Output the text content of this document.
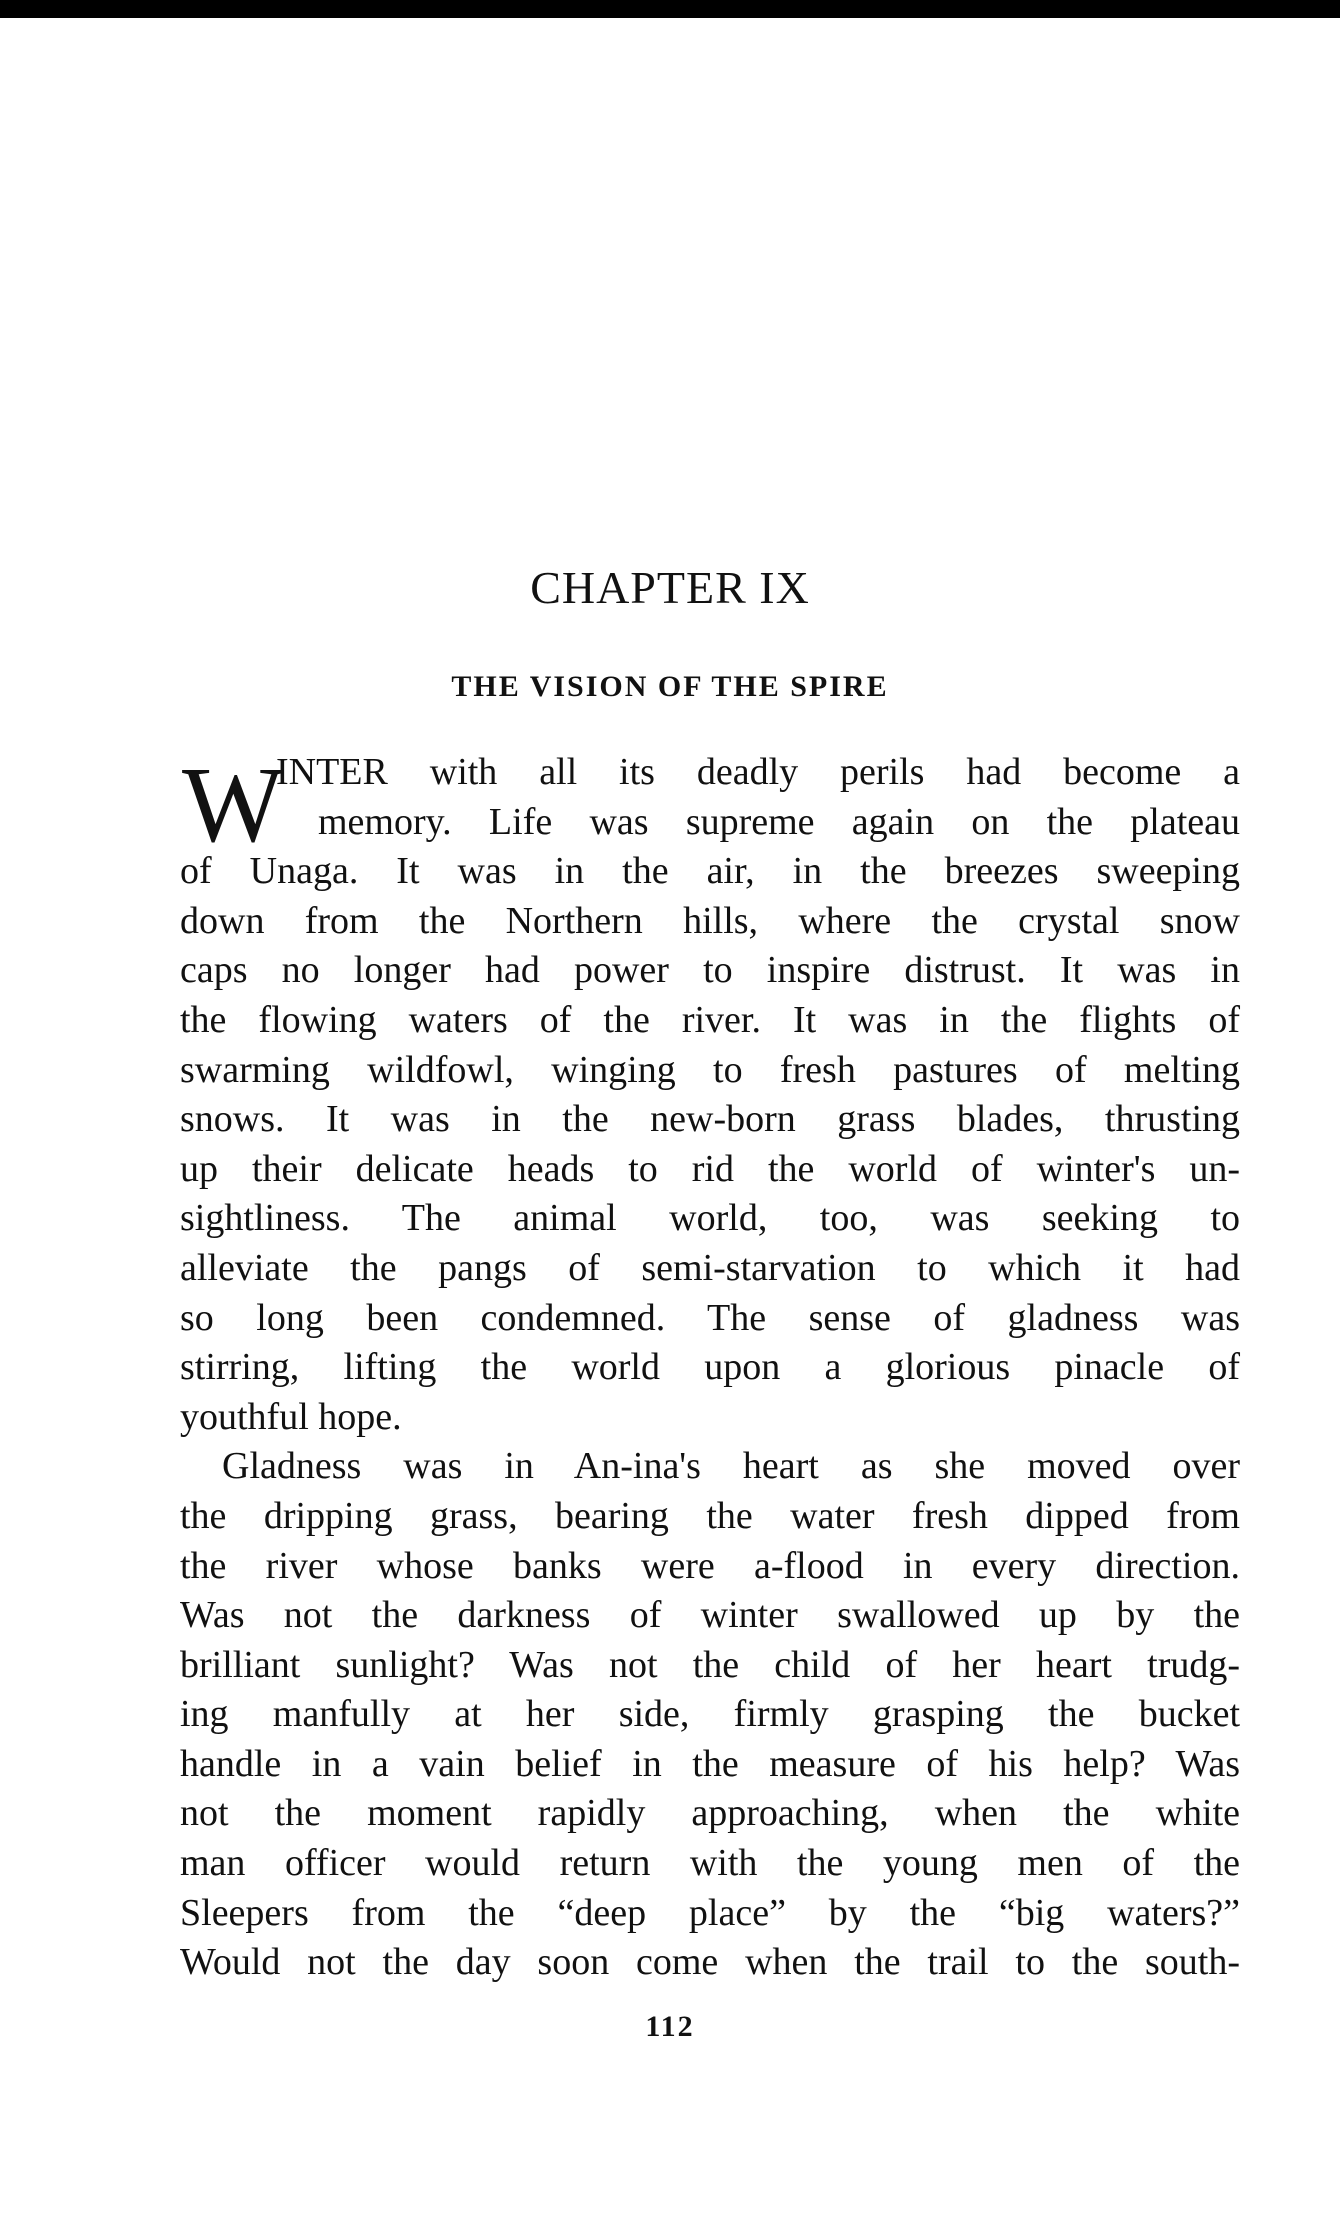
CHAPTER IX
THE VISION OF THE SPIRE
W
INTER with all its deadly perils had become a
memory. Life was supreme again on the plateau
of Unaga. It was in the air, in the breezes sweeping
down from the Northern hills, where the crystal snow
caps no longer had power to inspire distrust. It was in
the flowing waters of the river. It was in the flights of
swarming wildfowl, winging to fresh pastures of melting
snows. It was in the new-born grass blades, thrusting
up their delicate heads to rid the world of winter's un-
sightliness. The animal world, too, was seeking to
alleviate the pangs of semi-starvation to which it had
so long been condemned. The sense of gladness was
stirring, lifting the world upon a glorious pinacle of
youthful hope.
Gladness was in An-ina's heart as she moved over
the dripping grass, bearing the water fresh dipped from
the river whose banks were a-flood in every direction.
Was not the darkness of winter swallowed up by the
brilliant sunlight? Was not the child of her heart trudg-
ing manfully at her side, firmly grasping the bucket
handle in a vain belief in the measure of his help? Was
not the moment rapidly approaching, when the white
man officer would return with the young men of the
Sleepers from the “deep place” by the “big waters?”
Would not the day soon come when the trail to the south-
112
